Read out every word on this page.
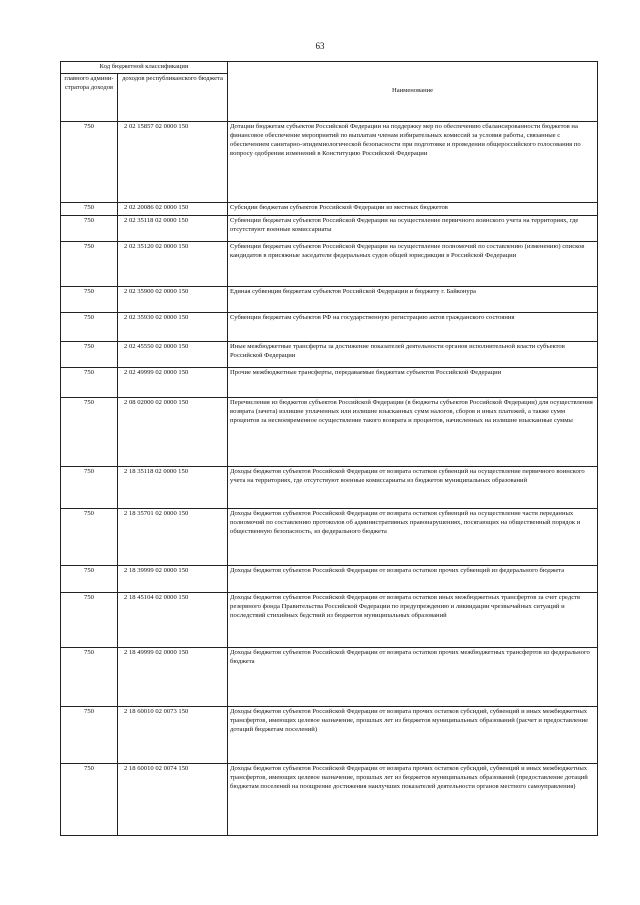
63
Код бюджетной классификации		Наименование
главного админи-стратора доходов	доходов республиканского бюджета	
750	2 02 15857 02 0000 150	Дотации бюджетам субъектов Российской Федерации на поддержку мер по обеспечению сбалансированности бюджетов на финансовое обеспечение мероприятий по выплатам членам избирательных комиссий за условия работы, связанные с обеспечением санитарно-эпидемиологической безопасности при подготовке и проведении общероссийского голосования по вопросу одобрения изменений в Конституцию Российской Федерации
750	2 02 20086 02 0000 150	Субсидии бюджетам субъектов Российской Федерации из местных бюджетов
750	2 02 35118 02 0000 150	Субвенции бюджетам субъектов Российской Федерации на осуществление первичного воинского учета на территориях, где отсутствуют военные комиссариаты
750	2 02 35120 02 0000 150	Субвенции бюджетам субъектов Российской Федерации на осуществление полномочий по составлению (изменению) списков кандидатов в присяжные заседатели федеральных судов общей юрисдикции в Российской Федерации
750	2 02 35900 02 0000 150	Единая субвенция бюджетам субъектов Российской Федерации и бюджету г. Байконура
750	2 02 35930 02 0000 150	Субвенции бюджетам субъектов РФ на государственную регистрацию актов гражданского состояния
750	2 02 45550 02 0000 150	Иные межбюджетные трансферты за достижение показателей деятельности органов исполнительной власти субъектов Российской Федерации
750	2 02 49999 02 0000 150	Прочие межбюджетные трансферты, передаваемые бюджетам субъектов Российской Федерации
750	2 08 02000 02 0000 150	Перечисления из бюджетов субъектов Российской Федерации (в бюджеты субъектов Российской Федерации) для осуществления возврата (зачета) излишне уплаченных или излишне взысканных сумм налогов, сборов и иных платежей, а также сумм процентов за несвоевременное осуществление такого возврата и процентов, начисленных на излишне взысканные суммы
750	2 18 35118 02 0000 150	Доходы бюджетов субъектов Российской Федерации от возврата остатков субвенций на осуществление первичного воинского учета на территориях, где отсутствуют военные комиссариаты из бюджетов муниципальных образований
750	2 18 35701 02 0000 150	Доходы бюджетов субъектов Российской Федерации от возврата остатков субвенций на осуществление части переданных полномочий по составлению протоколов об административных правонарушениях, посягающих на общественный порядок и общественную безопасность, из федерального бюджета
750	2 18 39999 02 0000 150	Доходы бюджетов субъектов Российской Федерации от возврата остатков прочих субвенций из федерального бюджета
750	2 18 45104 02 0000 150	Доходы бюджетов субъектов Российской Федерации от возврата остатков иных межбюджетных трансфертов за счет средств резервного фонда Правительства Российской Федерации по предупреждению и ликвидации чрезвычайных ситуаций и последствий стихийных бедствий из бюджетов муниципальных образований
750	2 18 49999 02 0000 150	Доходы бюджетов субъектов Российской Федерации от возврата остатков прочих межбюджетных трансфертов из федерального бюджета
750	2 18 60010 02 0073 150	Доходы бюджетов субъектов Российской Федерации от возврата прочих остатков субсидий, субвенций и иных межбюджетных трансфертов, имеющих целевое назначение, прошлых лет из бюджетов муниципальных образований (расчет и предоставление дотаций бюджетам поселений)
750	2 18 60010 02 0074 150	Доходы бюджетов субъектов Российской Федерации от возврата прочих остатков субсидий, субвенций и иных межбюджетных трансфертов, имеющих целевое назначение, прошлых лет из бюджетов муниципальных образований (предоставление дотаций бюджетам поселений на поощрение достижения наилучших показателей деятельности органов местного самоуправления)
